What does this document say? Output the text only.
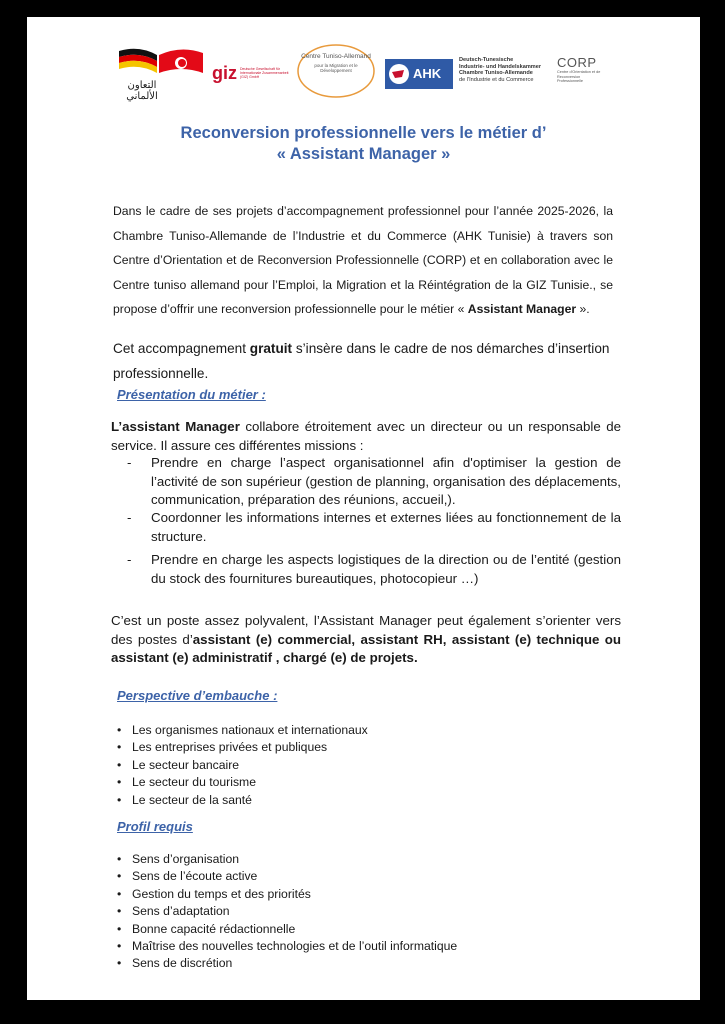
التعاون
الألماني
giz Deutsche Gesellschaft für Internationale Zusammenarbeit (GIZ) GmbH
Centre Tuniso-Allemand
pour la Migration et le Développement	AHK
Deutsch-Tunesische
Industrie- und Handelskammer
Chambre Tuniso-Allemande
de l'Industrie et du Commerce
CORP
Centre d'Orientation et de Reconversion Professionnelle
Reconversion professionnelle vers le métier d’
« Assistant Manager »
Dans le cadre de ses projets d’accompagnement professionnel pour l’année 2025-2026, la Chambre Tuniso-Allemande de l’Industrie et du Commerce (AHK Tunisie) à travers son Centre d’Orientation et de Reconversion Professionnelle (CORP) et en collaboration avec le Centre tuniso allemand pour l’Emploi, la Migration et la Réintégration de la GIZ Tunisie., se propose d’offrir une reconversion professionnelle pour le métier « Assistant Manager ».
Cet accompagnement gratuit s’insère dans le cadre de nos démarches d’insertion professionnelle.
Présentation du métier :
L’assistant Manager collabore étroitement avec un directeur ou un responsable de service. Il assure ces différentes missions :
- Prendre en charge l’aspect organisationnel afin d'optimiser la gestion de l’activité de son supérieur (gestion de planning, organisation des déplacements, communication, préparation des réunions, accueil,).
- Coordonner les informations internes et externes liées au fonctionnement de la structure.
- Prendre en charge les aspects logistiques de la direction ou de l’entité (gestion du stock des fournitures bureautiques, photocopieur …)
C’est un poste assez polyvalent, l’Assistant Manager peut également s’orienter vers des postes d’assistant (e) commercial, assistant RH, assistant (e) technique ou assistant (e) administratif , chargé (e) de projets.
Perspective d’embauche :
• Les organismes nationaux et internationaux
• Les entreprises privées et publiques
• Le secteur bancaire
• Le secteur du tourisme
• Le secteur de la santé
Profil requis
• Sens d’organisation
• Sens de l’écoute active
• Gestion du temps et des priorités
• Sens d’adaptation
• Bonne capacité rédactionnelle
• Maîtrise des nouvelles technologies et de l’outil informatique
• Sens de discrétion
